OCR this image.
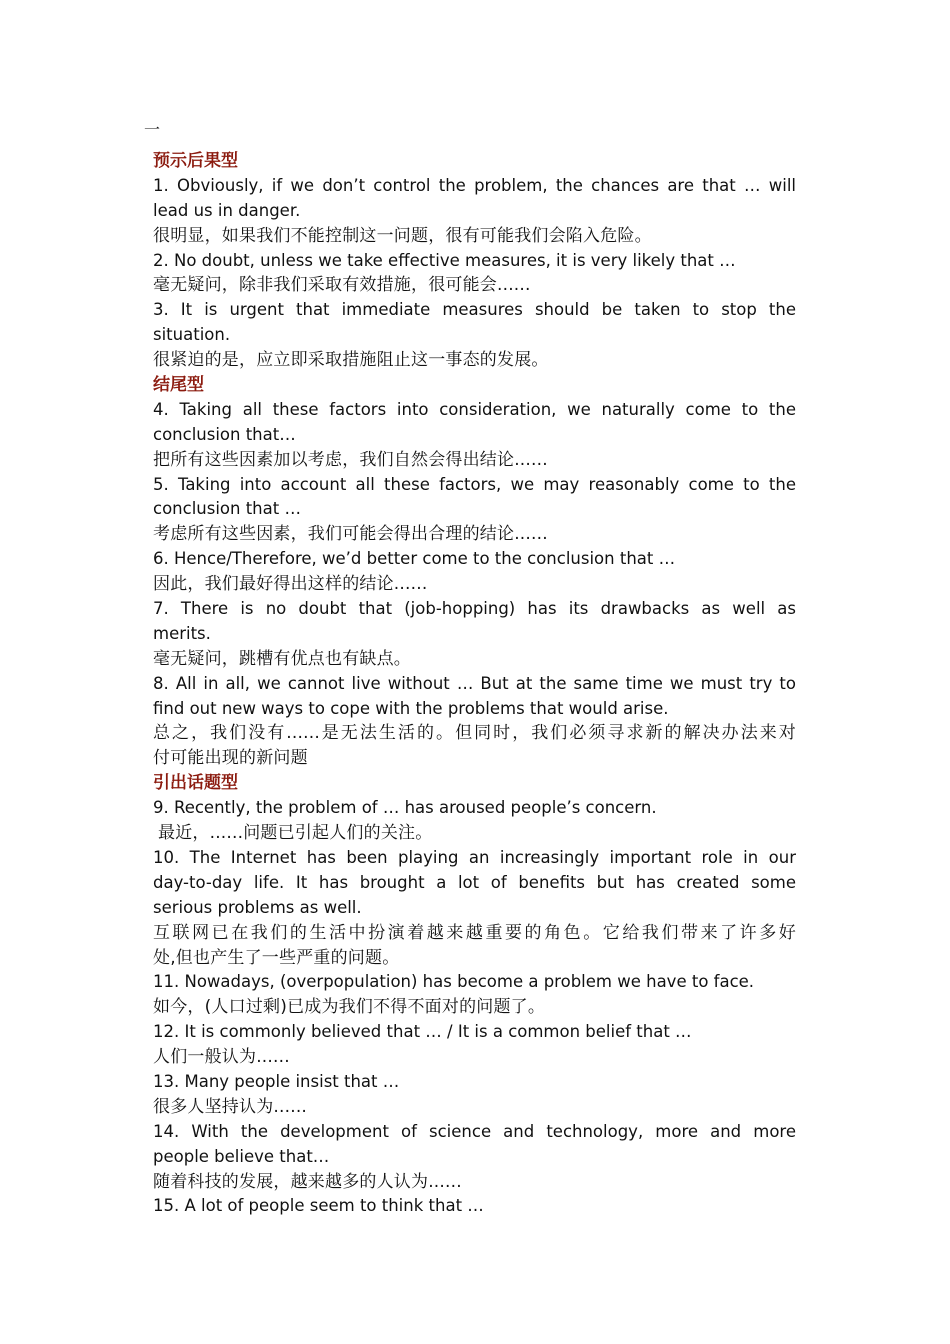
一
预示后果型
1. Obviously, if we don’t control the problem, the chances are that … will
lead us in danger.
很明显，如果我们不能控制这一问题，很有可能我们会陷入危险。
2. No doubt, unless we take effective measures, it is very likely that …
毫无疑问，除非我们采取有效措施，很可能会......
3. It is urgent that immediate measures should be taken to stop the
situation.
很紧迫的是，应立即采取措施阻止这一事态的发展。
结尾型
4. Taking all these factors into consideration, we naturally come to the
conclusion that…
把所有这些因素加以考虑，我们自然会得出结论......
5. Taking into account all these factors, we may reasonably come to the
conclusion that …
考虑所有这些因素，我们可能会得出合理的结论......
6. Hence/Therefore, we’d better come to the conclusion that …
因此，我们最好得出这样的结论......
7. There is no doubt that (job-hopping) has its drawbacks as well as
merits.
毫无疑问，跳槽有优点也有缺点。
8. All in all, we cannot live without … But at the same time we must try to
find out new ways to cope with the problems that would arise.
总之，我们没有......是无法生活的。但同时，我们必须寻求新的解决办法来对
付可能出现的新问题
引出话题型
9. Recently, the problem of … has aroused people’s concern.
最近，......问题已引起人们的关注。
10. The Internet has been playing an increasingly important role in our
day-to-day life. It has brought a lot of benefits but has created some
serious problems as well.
互联网已在我们的生活中扮演着越来越重要的角色。它给我们带来了许多好
处,但也产生了一些严重的问题。
11. Nowadays, (overpopulation) has become a problem we have to face.
如今，(人口过剩)已成为我们不得不面对的问题了。
12. It is commonly believed that … / It is a common belief that …
人们一般认为......
13. Many people insist that …
很多人坚持认为......
14. With the development of science and technology, more and more
people believe that…
随着科技的发展，越来越多的人认为......
15. A lot of people seem to think that …
